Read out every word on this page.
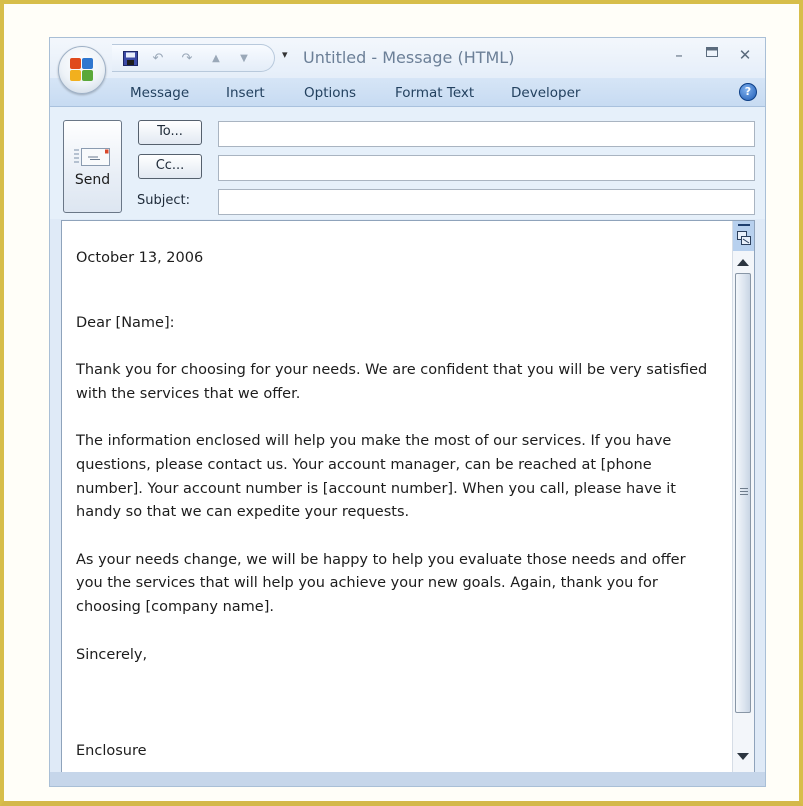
↶ ↷	▲	▼	▾ Untitled - Message (HTML)	–	✕
Message	Insert	Options	Format Text	Developer	?
Send
To...
Cc...
Subject:

October 13, 2006

Dear [Name]:

Thank you for choosing for your needs. We are confident that you will be very satisfied with the services that we offer.

The information enclosed will help you make the most of our services. If you have questions, please contact us. Your account manager, can be reached at [phone number]. Your account number is [account number]. When you call, please have it handy so that we can expedite your requests.

As your needs change, we will be happy to help you evaluate those needs and offer you the services that will help you achieve your new goals. Again, thank you for choosing [company name].

Sincerely,

Enclosure
